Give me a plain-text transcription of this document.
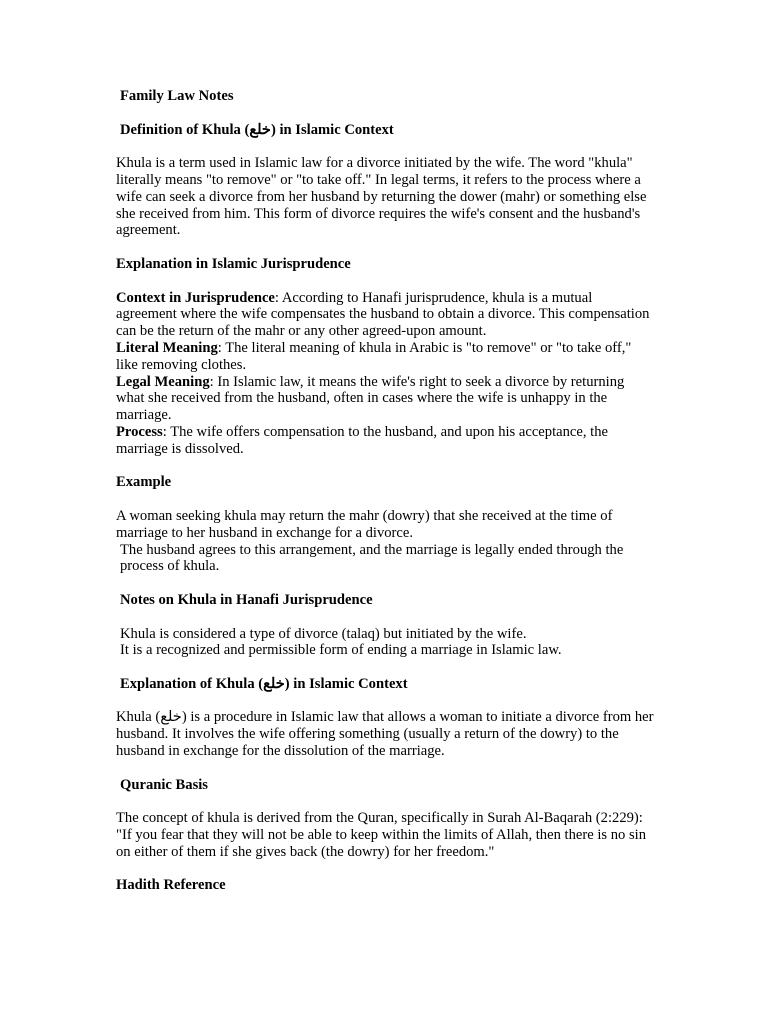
Family Law Notes

Definition of Khula (خلع) in Islamic Context

Khula is a term used in Islamic law for a divorce initiated by the wife. The word "khula" literally means "to remove" or "to take off." In legal terms, it refers to the process where a wife can seek a divorce from her husband by returning the dower (mahr) or something else she received from him. This form of divorce requires the wife's consent and the husband's agreement.

Explanation in Islamic Jurisprudence

Context in Jurisprudence: According to Hanafi jurisprudence, khula is a mutual agreement where the wife compensates the husband to obtain a divorce. This compensation can be the return of the mahr or any other agreed-upon amount.

Literal Meaning: The literal meaning of khula in Arabic is "to remove" or "to take off," like removing clothes.

Legal Meaning: In Islamic law, it means the wife's right to seek a divorce by returning what she received from the husband, often in cases where the wife is unhappy in the marriage.

Process: The wife offers compensation to the husband, and upon his acceptance, the marriage is dissolved.

Example

A woman seeking khula may return the mahr (dowry) that she received at the time of marriage to her husband in exchange for a divorce.

The husband agrees to this arrangement, and the marriage is legally ended through the process of khula.

Notes on Khula in Hanafi Jurisprudence

Khula is considered a type of divorce (talaq) but initiated by the wife.

It is a recognized and permissible form of ending a marriage in Islamic law.

Explanation of Khula (خلع) in Islamic Context

Khula (خلع) is a procedure in Islamic law that allows a woman to initiate a divorce from her husband. It involves the wife offering something (usually a return of the dowry) to the husband in exchange for the dissolution of the marriage.

Quranic Basis

The concept of khula is derived from the Quran, specifically in Surah Al-Baqarah (2:229):

"If you fear that they will not be able to keep within the limits of Allah, then there is no sin on either of them if she gives back (the dowry) for her freedom."

Hadith Reference
